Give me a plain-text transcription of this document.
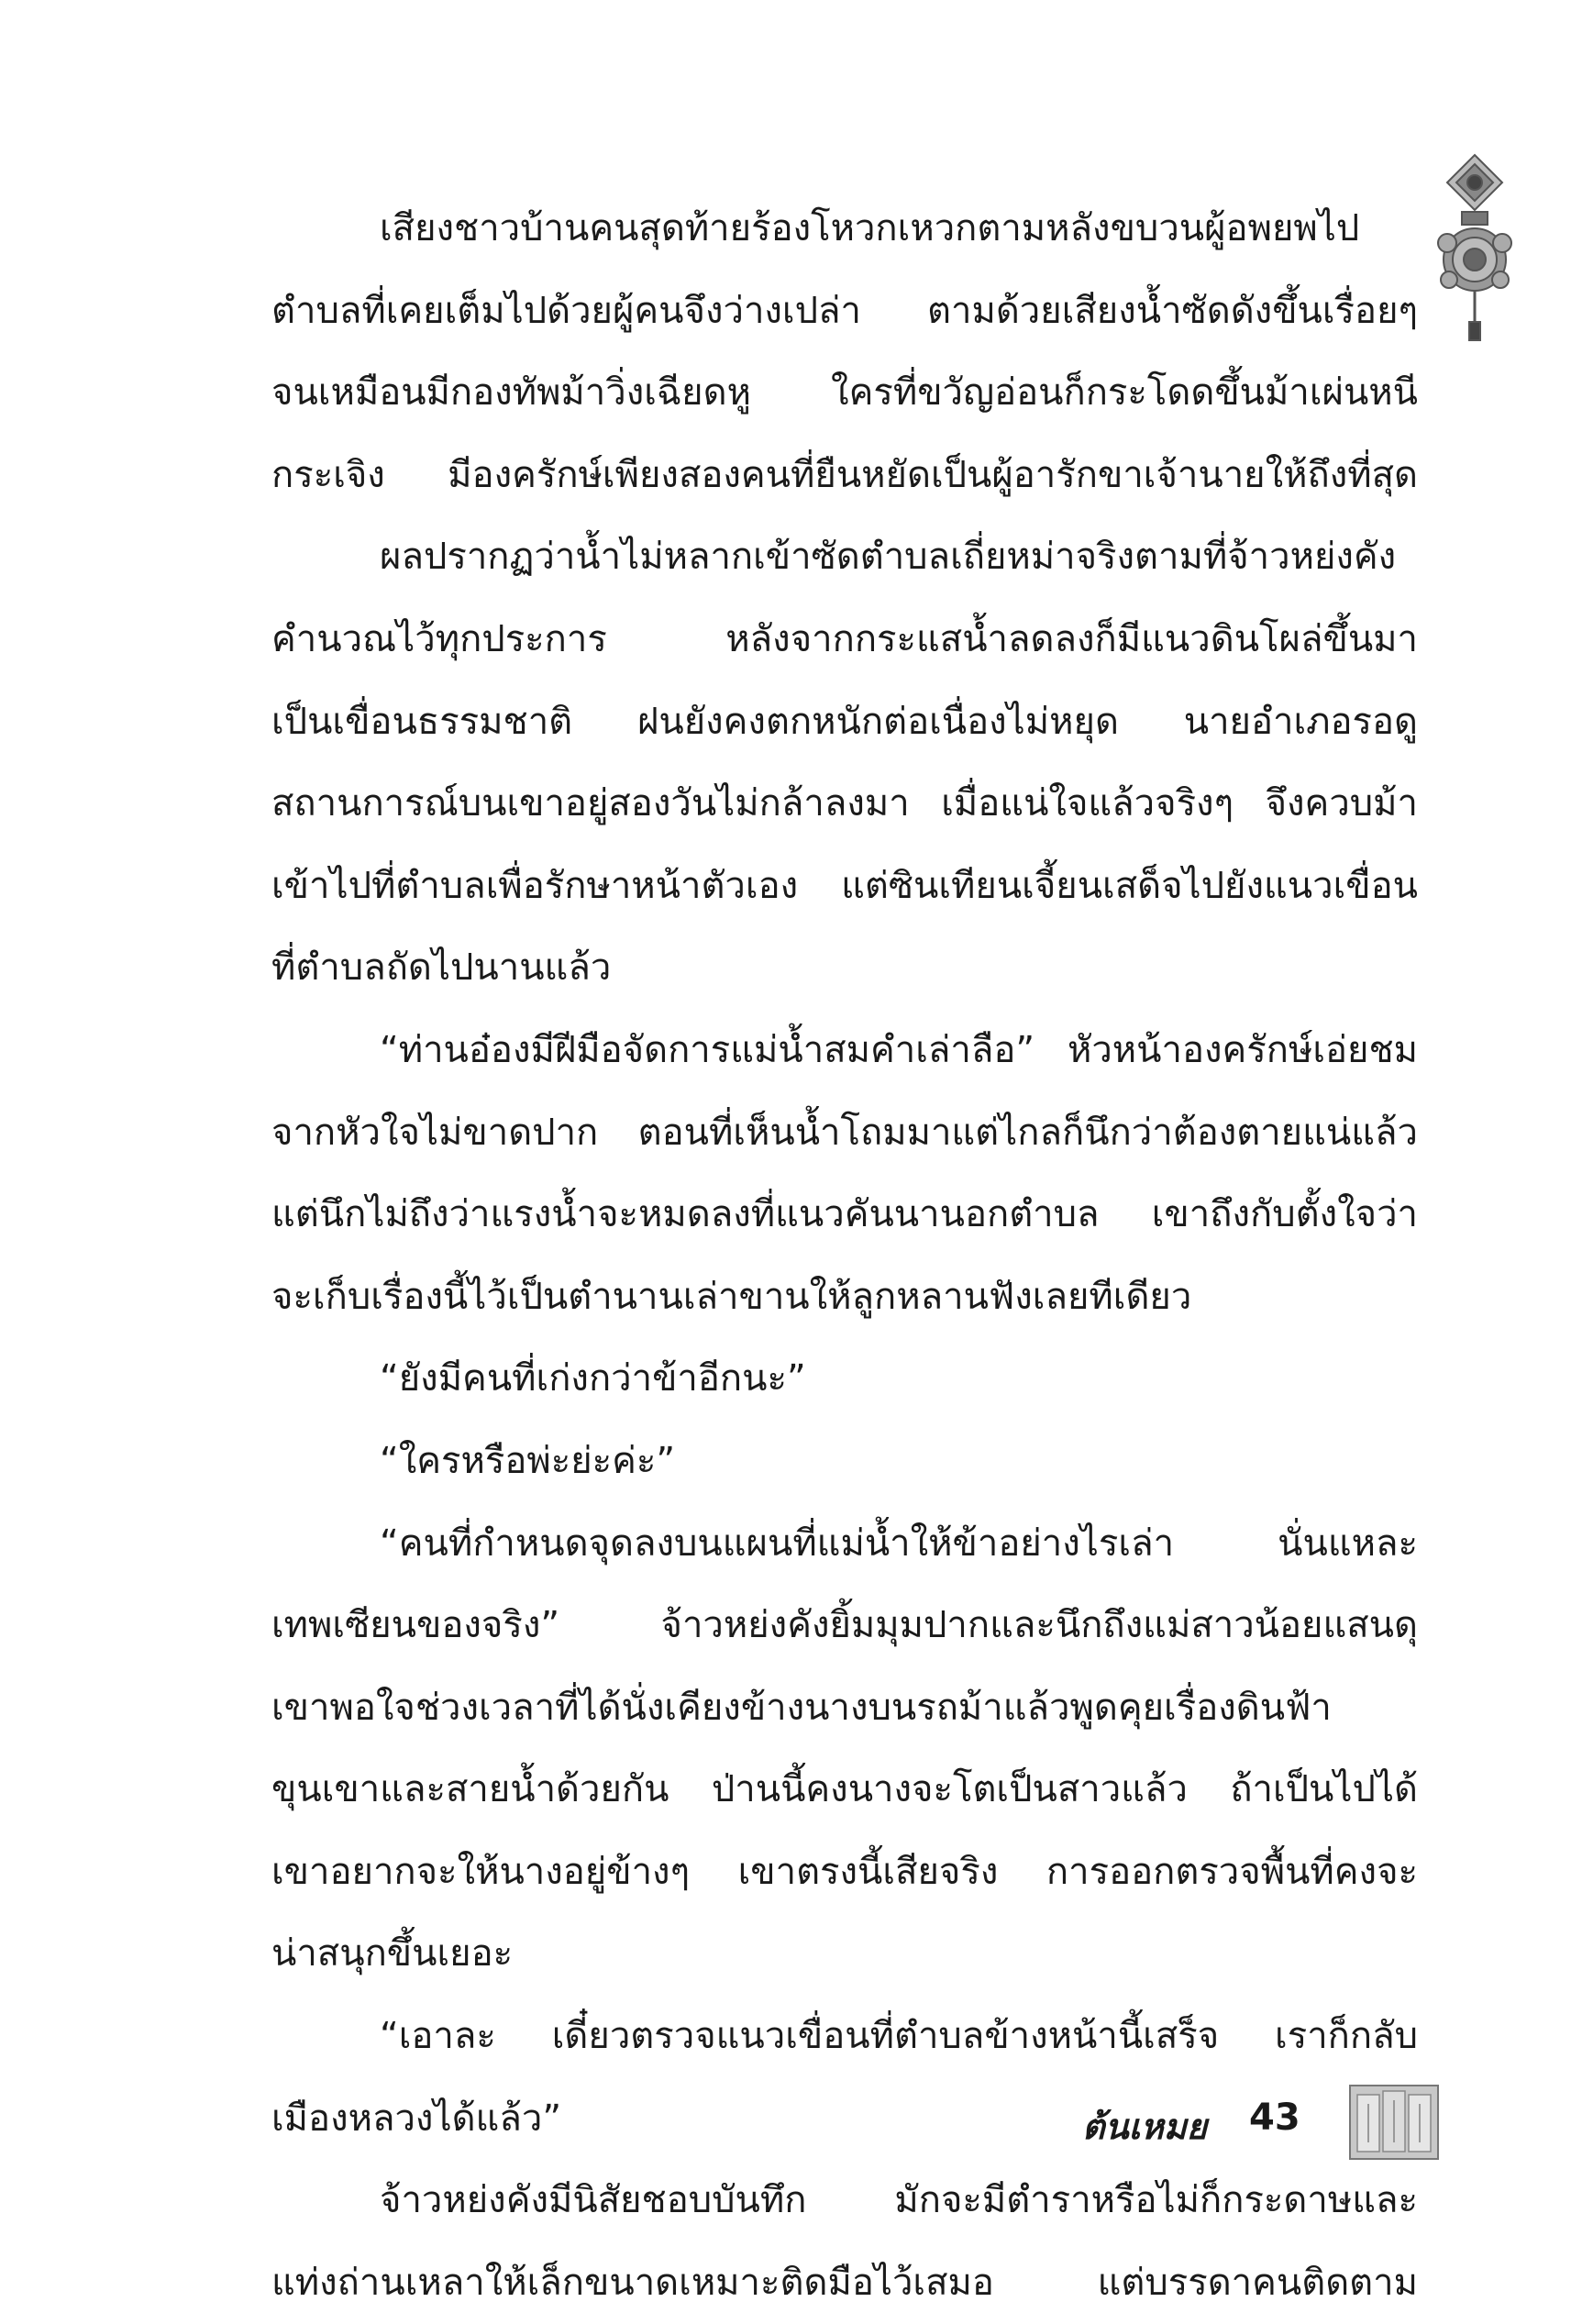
เสียงชาวบ้านคนสุดท้ายร้องโหวกเหวกตามหลังขบวนผู้อพยพไป
ตำบลที่เคยเต็มไปด้วยผู้คนจึงว่างเปล่า ตามด้วยเสียงน้ำซัดดังขึ้นเรื่อยๆ
จนเหมือนมีกองทัพม้าวิ่งเฉียดหู ใครที่ขวัญอ่อนก็กระโดดขึ้นม้าเผ่นหนี
กระเจิง มีองครักษ์เพียงสองคนที่ยืนหยัดเป็นผู้อารักขาเจ้านายให้ถึงที่สุด
ผลปรากฏว่าน้ำไม่หลากเข้าซัดตำบลเถี่ยหม่าจริงตามที่จ้าวหย่งคัง
คำนวณไว้ทุกประการ หลังจากกระแสน้ำลดลงก็มีแนวดินโผล่ขึ้นมา
เป็นเขื่อนธรรมชาติ ฝนยังคงตกหนักต่อเนื่องไม่หยุด นายอำเภอรอดู
สถานการณ์บนเขาอยู่สองวันไม่กล้าลงมา เมื่อแน่ใจแล้วจริงๆ จึงควบม้า
เข้าไปที่ตำบลเพื่อรักษาหน้าตัวเอง แต่ซินเทียนเจี้ยนเสด็จไปยังแนวเขื่อน
ที่ตำบลถัดไปนานแล้ว
“ท่านอ๋องมีฝีมือจัดการแม่น้ำสมคำเล่าลือ” หัวหน้าองครักษ์เอ่ยชม
จากหัวใจไม่ขาดปาก ตอนที่เห็นน้ำโถมมาแต่ไกลก็นึกว่าต้องตายแน่แล้ว
แต่นึกไม่ถึงว่าแรงน้ำจะหมดลงที่แนวคันนานอกตำบล เขาถึงกับตั้งใจว่า
จะเก็บเรื่องนี้ไว้เป็นตำนานเล่าขานให้ลูกหลานฟังเลยทีเดียว
“ยังมีคนที่เก่งกว่าข้าอีกนะ”
“ใครหรือพ่ะย่ะค่ะ”
“คนที่กำหนดจุดลงบนแผนที่แม่น้ำให้ข้าอย่างไรเล่า นั่นแหละ
เทพเซียนของจริง” จ้าวหย่งคังยิ้มมุมปากและนึกถึงแม่สาวน้อยแสนดุ
เขาพอใจช่วงเวลาที่ได้นั่งเคียงข้างนางบนรถม้าแล้วพูดคุยเรื่องดินฟ้า
ขุนเขาและสายน้ำด้วยกัน ป่านนี้คงนางจะโตเป็นสาวแล้ว ถ้าเป็นไปได้
เขาอยากจะให้นางอยู่ข้างๆ เขาตรงนี้เสียจริง การออกตรวจพื้นที่คงจะ
น่าสนุกขึ้นเยอะ
“เอาละ เดี๋ยวตรวจแนวเขื่อนที่ตำบลข้างหน้านี้เสร็จ เราก็กลับ
เมืองหลวงได้แล้ว”
จ้าวหย่งคังมีนิสัยชอบบันทึก มักจะมีตำราหรือไม่ก็กระดาษและ
แท่งถ่านเหลาให้เล็กขนาดเหมาะติดมือไว้เสมอ แต่บรรดาคนติดตาม
ต้นเหมย 43
